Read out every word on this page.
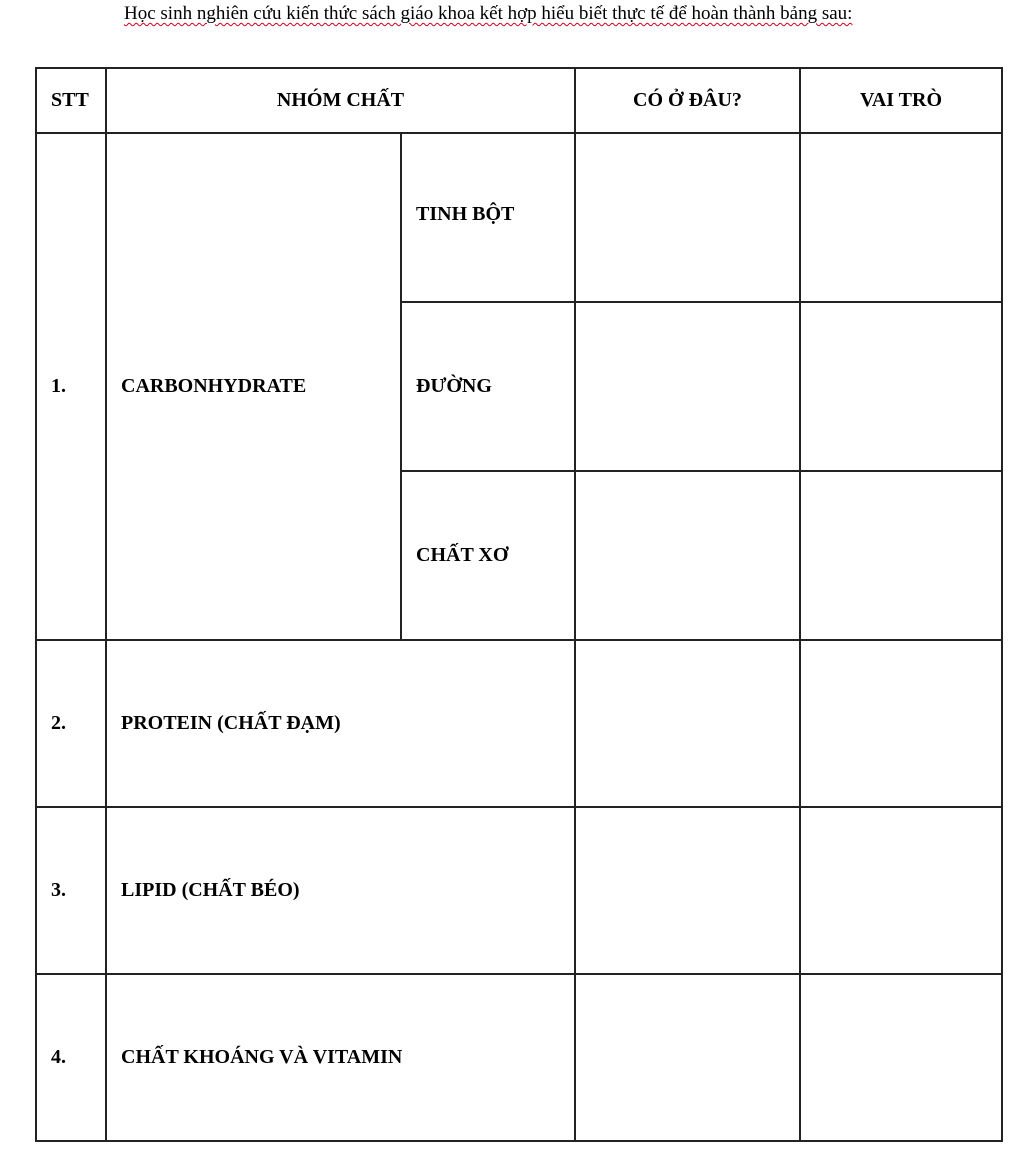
Học sinh nghiên cứu kiến thức sách giáo khoa kết hợp hiểu biết thực tế để hoàn thành bảng sau:
STT	NHÓM CHẤT		CÓ Ở ĐÂU?	VAI TRÒ
1.	CARBONHYDRATE	TINH BỘT		
		ĐƯỜNG		
		CHẤT XƠ		
2.	PROTEIN (CHẤT ĐẠM)			
3.	LIPID (CHẤT BÉO)			
4.	CHẤT KHOÁNG VÀ VITAMIN			
